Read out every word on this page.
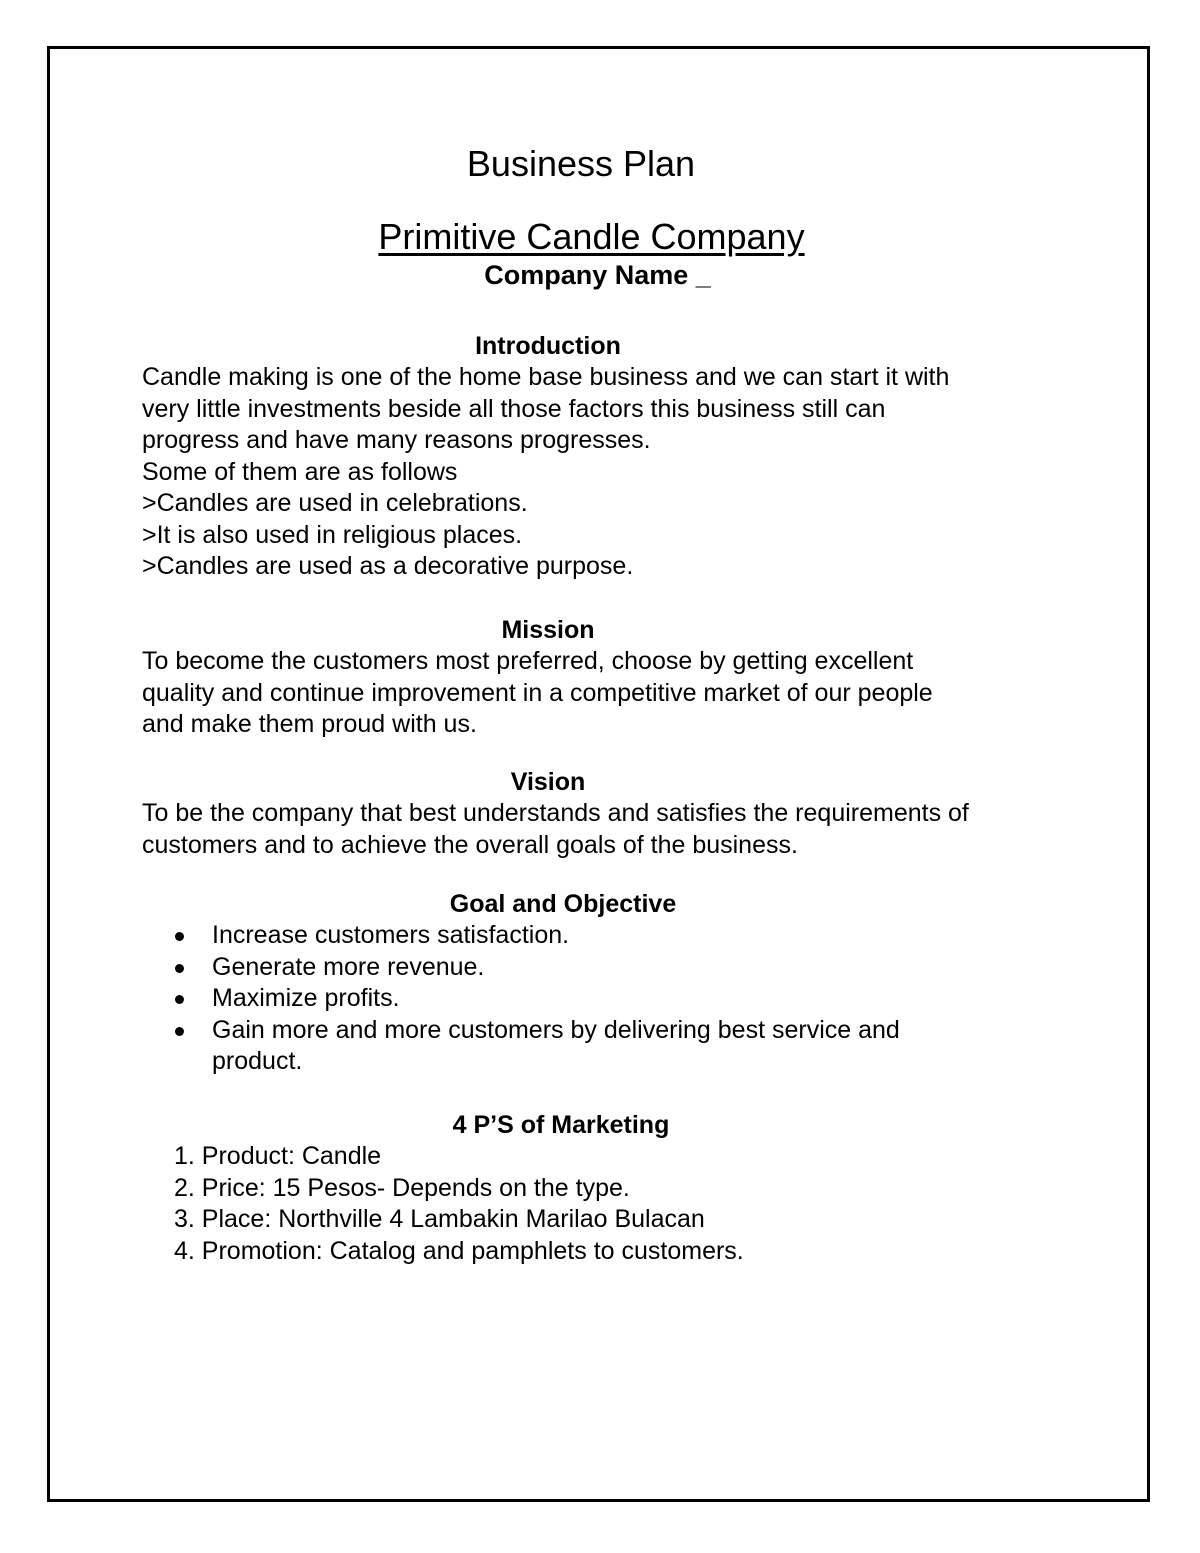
Business Plan
Primitive Candle Company
Company Name _
Introduction
Candle making is one of the home base business and we can start it with
very little investments beside all those factors this business still can
progress and have many reasons progresses.
Some of them are as follows
>Candles are used in celebrations.
>It is also used in religious places.
>Candles are used as a decorative purpose.
Mission
To become the customers most preferred, choose by getting excellent
quality and continue improvement in a competitive market of our people
and make them proud with us.
Vision
To be the company that best understands and satisfies the requirements of
customers and to achieve the overall goals of the business.
Goal and Objective
Increase customers satisfaction.
Generate more revenue.
Maximize profits.
Gain more and more customers by delivering best service and product.
4 P’S of Marketing
1. Product: Candle
2. Price: 15 Pesos- Depends on the type.
3. Place: Northville 4 Lambakin Marilao Bulacan
4. Promotion: Catalog and pamphlets to customers.
